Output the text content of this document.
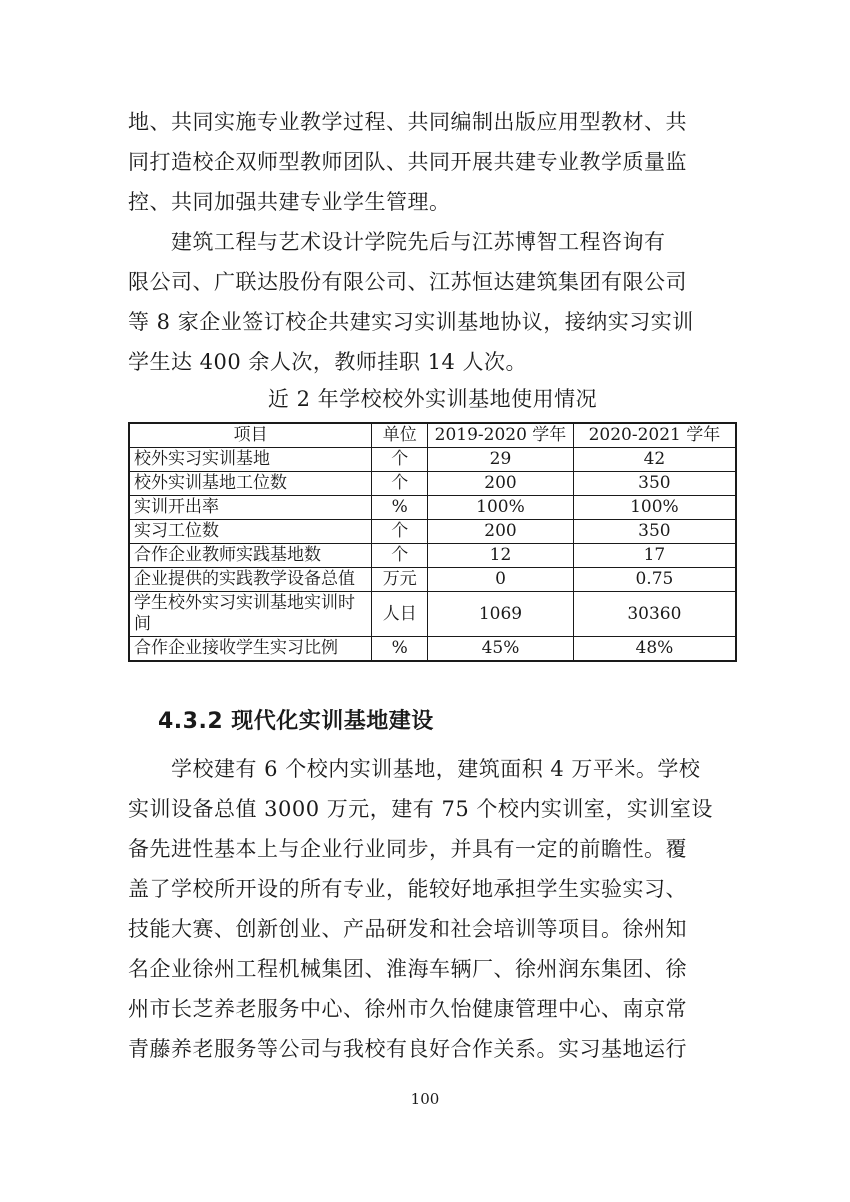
地、共同实施专业教学过程、共同编制出版应用型教材、共
同打造校企双师型教师团队、共同开展共建专业教学质量监
控、共同加强共建专业学生管理。
建筑工程与艺术设计学院先后与江苏博智工程咨询有
限公司、广联达股份有限公司、江苏恒达建筑集团有限公司
等 8 家企业签订校企共建实习实训基地协议，接纳实习实训
学生达 400 余人次，教师挂职 14 人次。
近 2 年学校校外实训基地使用情况
项目	单位	2019-2020 学年	2020-2021 学年
校外实习实训基地	个	29	42
校外实训基地工位数	个	200	350
实训开出率	%	100%	100%
实习工位数	个	200	350
合作企业教师实践基地数	个	12	17
企业提供的实践教学设备总值	万元	0	0.75
学生校外实习实训基地实训时间	人日	1069	30360
合作企业接收学生实习比例	%	45%	48%
4.3.2 现代化实训基地建设
学校建有 6 个校内实训基地，建筑面积 4 万平米。学校
实训设备总值 3000 万元，建有 75 个校内实训室，实训室设
备先进性基本上与企业行业同步，并具有一定的前瞻性。覆
盖了学校所开设的所有专业，能较好地承担学生实验实习、
技能大赛、创新创业、产品研发和社会培训等项目。徐州知
名企业徐州工程机械集团、淮海车辆厂、徐州润东集团、徐
州市长芝养老服务中心、徐州市久怡健康管理中心、南京常
青藤养老服务等公司与我校有良好合作关系。实习基地运行
100
